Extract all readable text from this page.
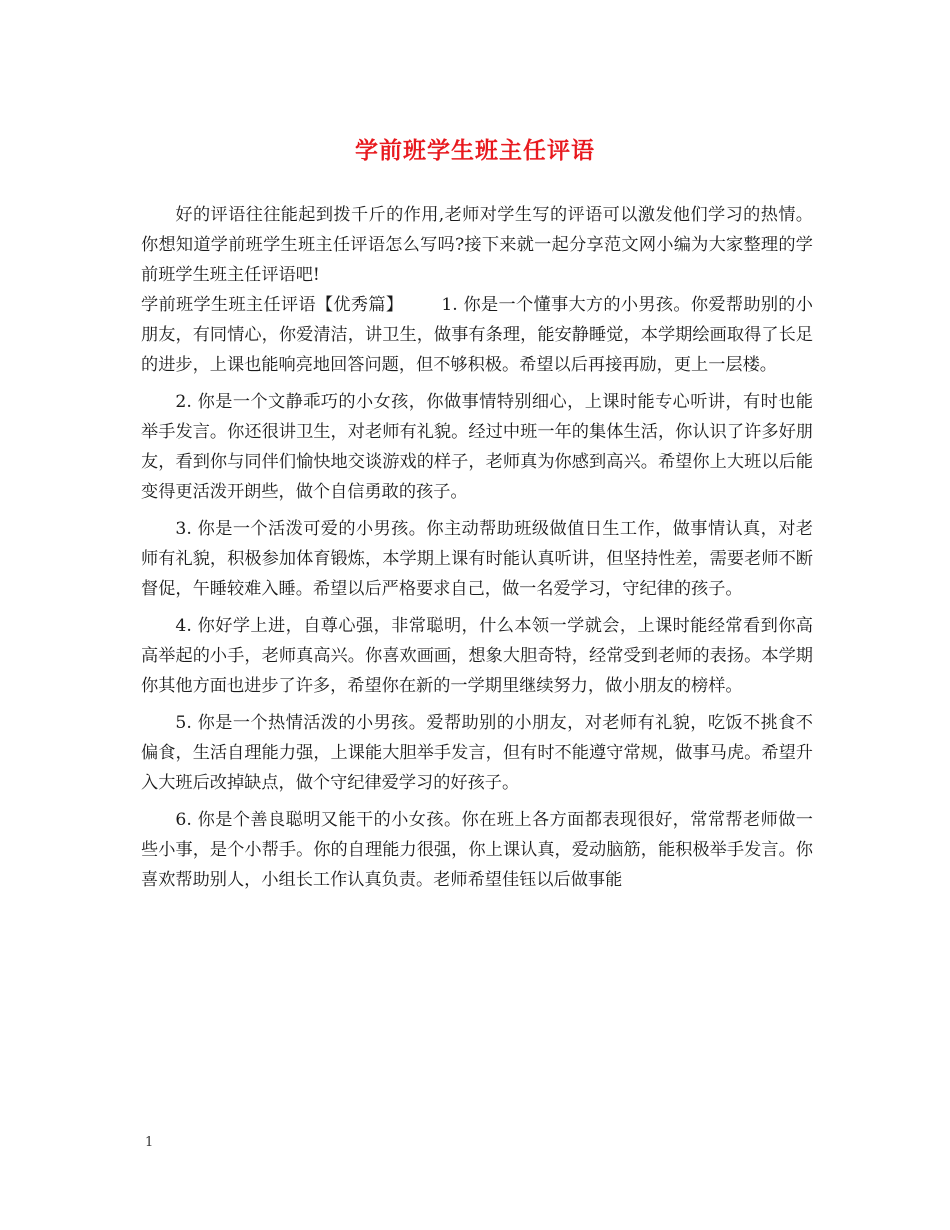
学前班学生班主任评语

好的评语往往能起到拨千斤的作用,老师对学生写的评语可以激发他们学习的热情。你想知道学前班学生班主任评语怎么写吗?接下来就一起分享范文网小编为大家整理的学前班学生班主任评语吧!

学前班学生班主任评语【优秀篇】 1. 你是一个懂事大方的小男孩。你爱帮助别的小朋友，有同情心，你爱清洁，讲卫生，做事有条理，能安静睡觉，本学期绘画取得了长足的进步，上课也能响亮地回答问题，但不够积极。希望以后再接再励，更上一层楼。

2. 你是一个文静乖巧的小女孩，你做事情特别细心，上课时能专心听讲，有时也能举手发言。你还很讲卫生，对老师有礼貌。经过中班一年的集体生活，你认识了许多好朋友，看到你与同伴们愉快地交谈游戏的样子，老师真为你感到高兴。希望你上大班以后能变得更活泼开朗些，做个自信勇敢的孩子。

3. 你是一个活泼可爱的小男孩。你主动帮助班级做值日生工作，做事情认真，对老师有礼貌，积极参加体育锻炼，本学期上课有时能认真听讲，但坚持性差，需要老师不断督促，午睡较难入睡。希望以后严格要求自己，做一名爱学习，守纪律的孩子。

4. 你好学上进，自尊心强，非常聪明，什么本领一学就会，上课时能经常看到你高高举起的小手，老师真高兴。你喜欢画画，想象大胆奇特，经常受到老师的表扬。本学期你其他方面也进步了许多，希望你在新的一学期里继续努力，做小朋友的榜样。

5. 你是一个热情活泼的小男孩。爱帮助别的小朋友，对老师有礼貌，吃饭不挑食不偏食，生活自理能力强，上课能大胆举手发言，但有时不能遵守常规，做事马虎。希望升入大班后改掉缺点，做个守纪律爱学习的好孩子。

6. 你是个善良聪明又能干的小女孩。你在班上各方面都表现很好，常常帮老师做一些小事，是个小帮手。你的自理能力很强，你上课认真，爱动脑筋，能积极举手发言。你喜欢帮助别人，小组长工作认真负责。老师希望佳钰以后做事能

1
